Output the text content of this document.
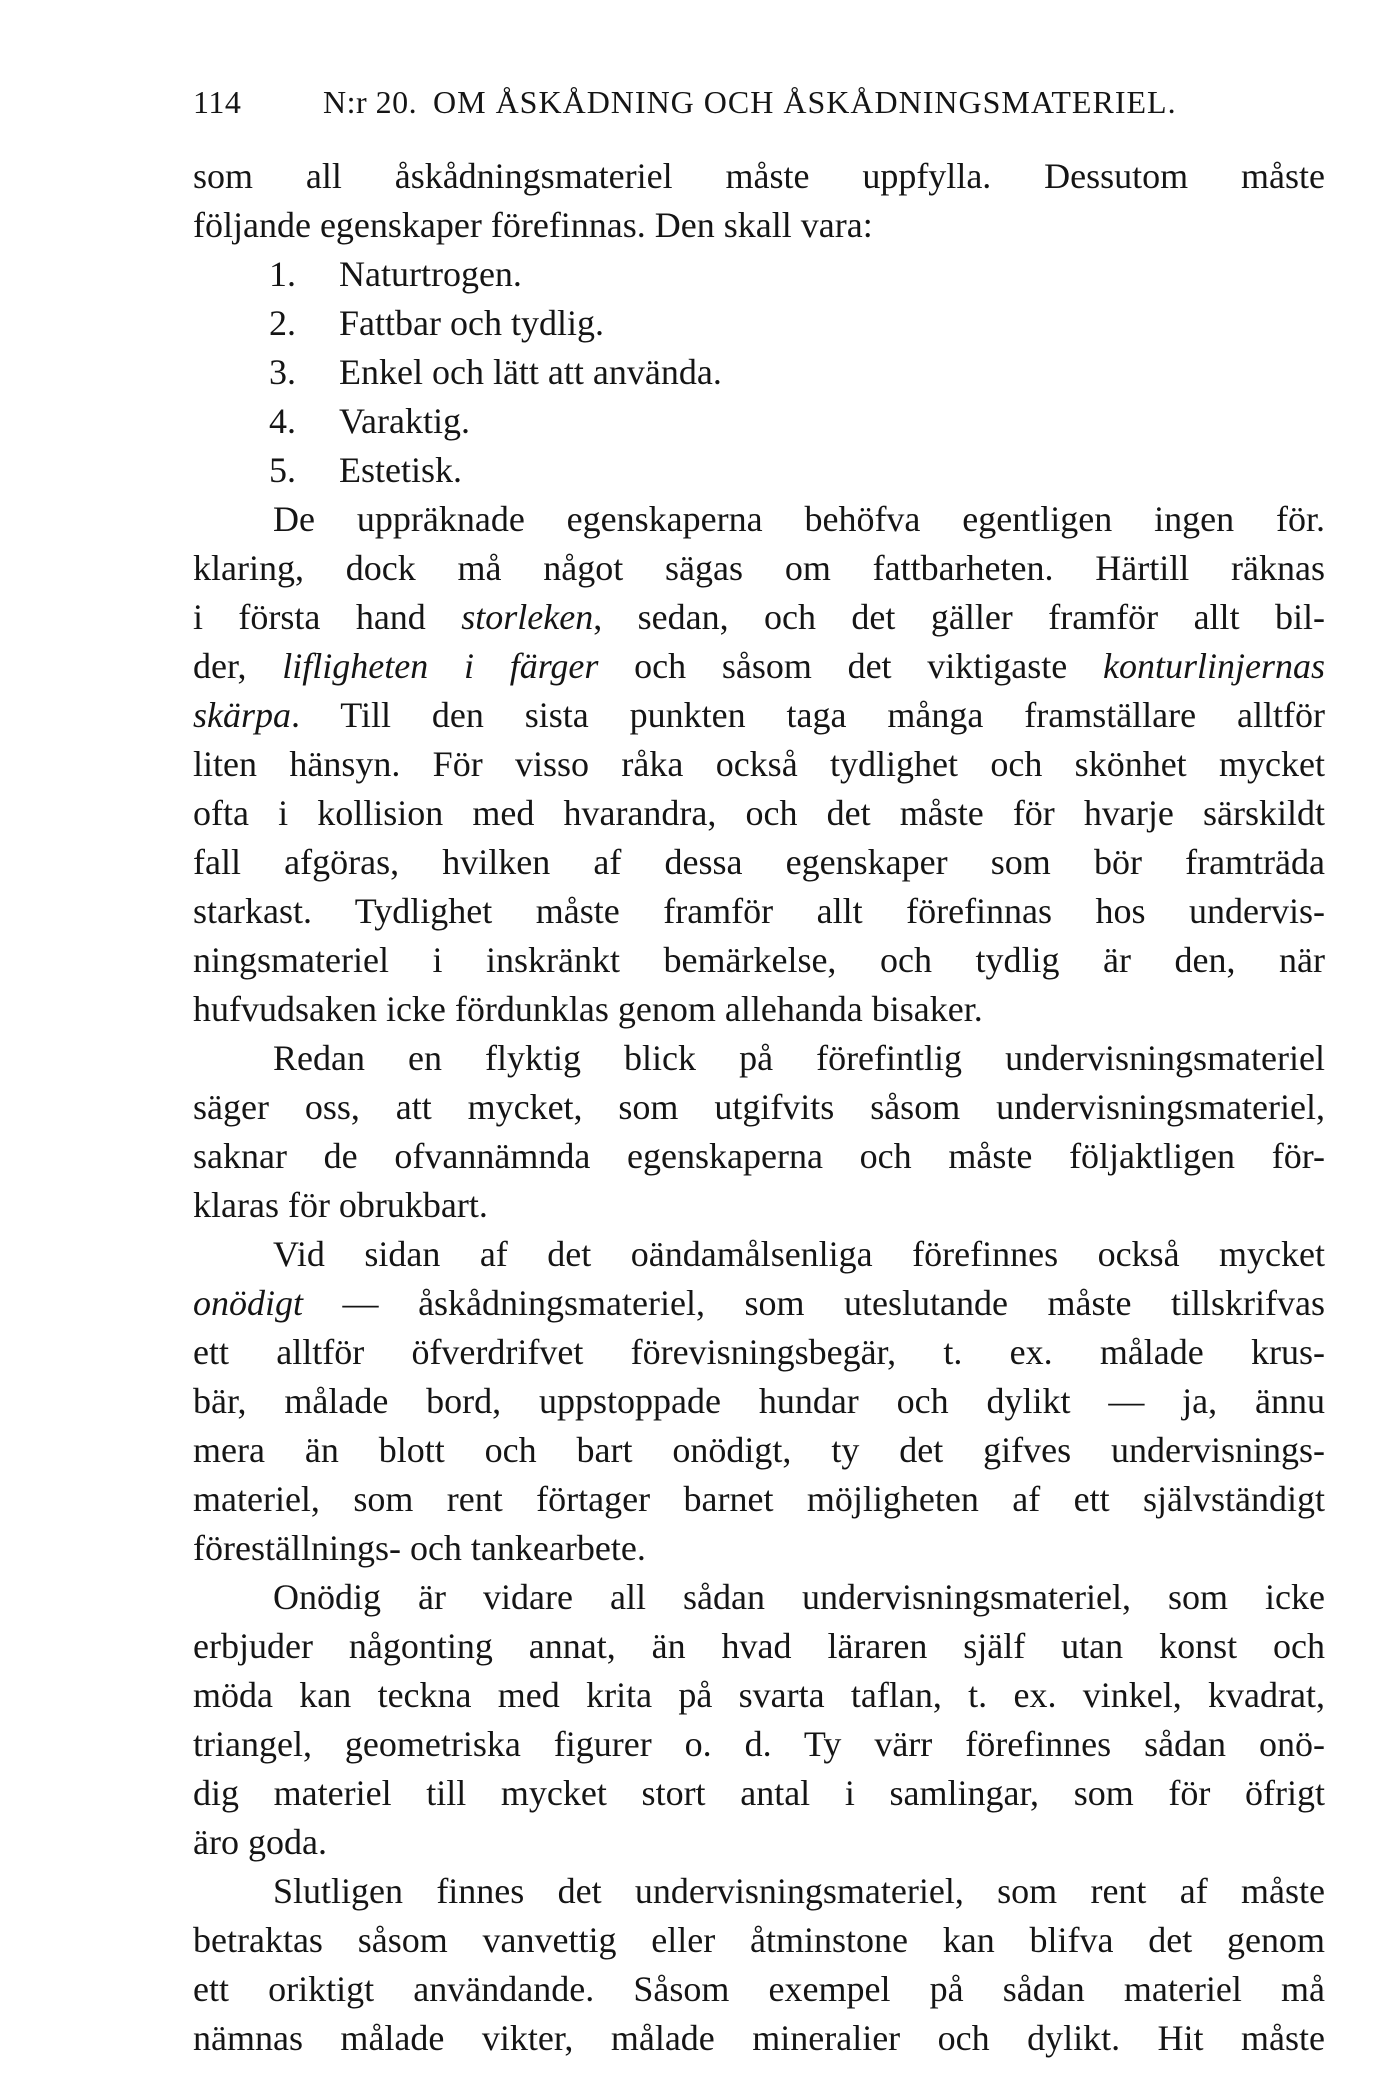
114	N:r 20. OM ÅSKÅDNING OCH ÅSKÅDNINGSMATERIEL.

som all åskådningsmateriel måste uppfylla. Dessutom måste

följande egenskaper förefinnas. Den skall vara:

1.	Naturtrogen.
2.	Fattbar och tydlig.
3.	Enkel och lätt att använda.
4.	Varaktig.
5.	Estetisk.

De uppräknade egenskaperna behöfva egentligen ingen för.

klaring, dock må något sägas om fattbarheten. Härtill räknas

i första hand storleken, sedan, och det gäller framför allt bil-

der, lifligheten i färger och såsom det viktigaste konturlinjernas

skärpa. Till den sista punkten taga många framställare alltför

liten hänsyn. För visso råka också tydlighet och skönhet mycket

ofta i kollision med hvarandra, och det måste för hvarje särskildt

fall afgöras, hvilken af dessa egenskaper som bör framträda

starkast. Tydlighet måste framför allt förefinnas hos undervis-

ningsmateriel i inskränkt bemärkelse, och tydlig är den, när

hufvudsaken icke fördunklas genom allehanda bisaker.

Redan en flyktig blick på förefintlig undervisningsmateriel

säger oss, att mycket, som utgifvits såsom undervisningsmateriel,

saknar de ofvannämnda egenskaperna och måste följaktligen för-

klaras för obrukbart.

Vid sidan af det oändamålsenliga förefinnes också mycket

onödigt — åskådningsmateriel, som uteslutande måste tillskrifvas

ett alltför öfverdrifvet förevisningsbegär, t. ex. målade krus-

bär, målade bord, uppstoppade hundar och dylikt — ja, ännu

mera än blott och bart onödigt, ty det gifves undervisnings-

materiel, som rent förtager barnet möjligheten af ett självständigt

föreställnings- och tankearbete.

Onödig är vidare all sådan undervisningsmateriel, som icke

erbjuder någonting annat, än hvad läraren själf utan konst och

möda kan teckna med krita på svarta taflan, t. ex. vinkel, kvadrat,

triangel, geometriska figurer o. d. Ty värr förefinnes sådan onö-

dig materiel till mycket stort antal i samlingar, som för öfrigt

äro goda.

Slutligen finnes det undervisningsmateriel, som rent af måste

betraktas såsom vanvettig eller åtminstone kan blifva det genom

ett oriktigt användande. Såsom exempel på sådan materiel må

nämnas målade vikter, målade mineralier och dylikt. Hit måste
